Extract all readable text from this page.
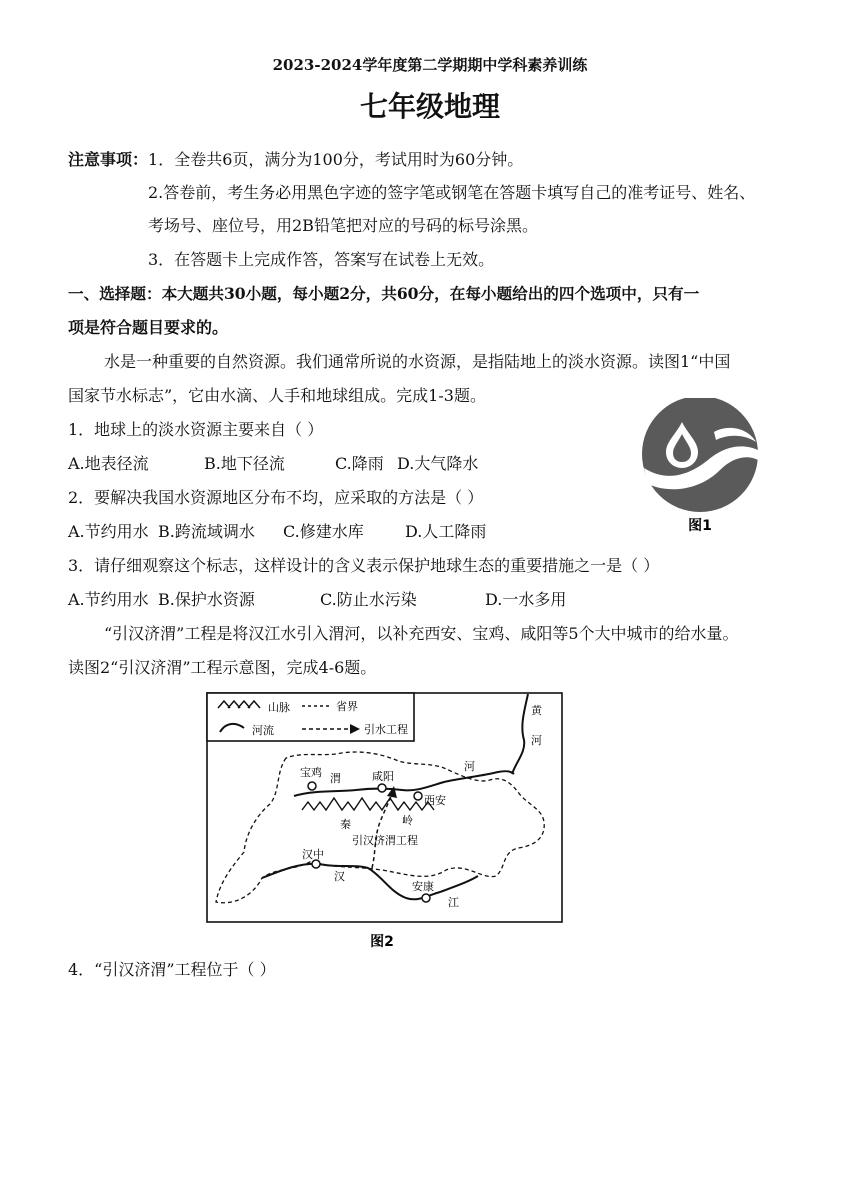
2023-2024学年度第二学期期中学科素养训练
七年级地理
注意事项：1．全卷共6页，满分为100分，考试用时为60分钟。
2.答卷前，考生务必用黑色字迹的签字笔或钢笔在答题卡填写自己的准考证号、姓名、
考场号、座位号，用2B铅笔把对应的号码的标号涂黑。
3．在答题卡上完成作答，答案写在试卷上无效。
一、选择题：本大题共30小题，每小题2分，共60分，在每小题给出的四个选项中，只有一
项是符合题目要求的。
水是一种重要的自然资源。我们通常所说的水资源，是指陆地上的淡水资源。读图1“中国
国家节水标志”，它由水滴、人手和地球组成。完成1-3题。
1．地球上的淡水资源主要来自（ ）
A.地表径流	B.地下径流	C.降雨 D.大气降水
2．要解决我国水资源地区分布不均，应采取的方法是（ ）
A.节约用水 B.跨流域调水 C.修建水库	D.人工降雨
3．请仔细观察这个标志，这样设计的含义表示保护地球生态的重要措施之一是（ ）
A.节约用水 B.保护水资源	C.防止水污染	D.一水多用
图1
“引汉济渭”工程是将汉江水引入渭河，以补充西安、宝鸡、咸阳等5个大中城市的给水量。
读图2“引汉济渭”工程示意图，完成4-6题。
山脉	省界
河流	引水工程
宝鸡 渭	咸阳
河
西安
黄
河
秦	岭
引汉济渭工程
汉中
汉
安康
江
图2
4．“引汉济渭”工程位于（ ）
